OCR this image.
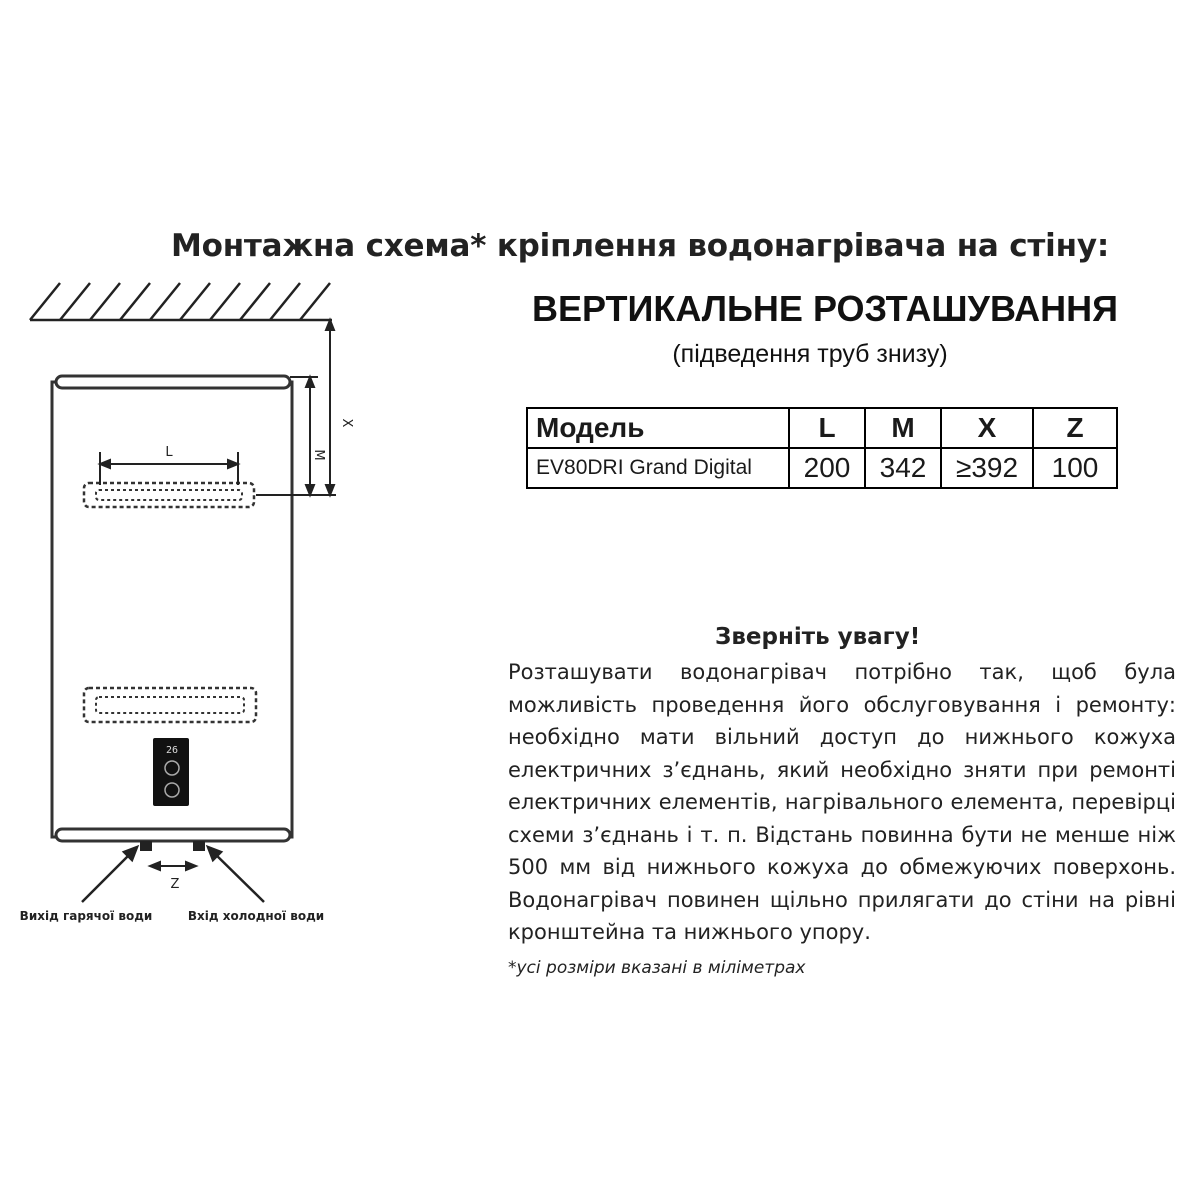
L	M
X
Z
26
Вихід гарячої води	Вхід холодної води
Монтажна схема* кріплення водонагрівача на стіну:
ВЕРТИКАЛЬНЕ РОЗТАШУВАННЯ
(підведення труб знизу)
Модель	L	M	X	Z
EV80DRI Grand Digital	200	342	≥392	100
Зверніть увагу!
Розташувати водонагрівач потрібно так, щоб була можливість проведення його обслуговування і ремонту: необхідно мати вільний доступ до нижнього кожуха електричних з’єднань, який необхідно зняти при ремонті електричних елементів, нагрівального елемента, перевірці схеми з’єднань і т. п. Відстань повинна бути не менше ніж 500 мм від нижнього кожуха до обмежуючих поверхонь. Водонагрівач повинен щільно прилягати до стіни на рівні кронштейна та нижнього упору.
*усі розміри вказані в міліметрах
